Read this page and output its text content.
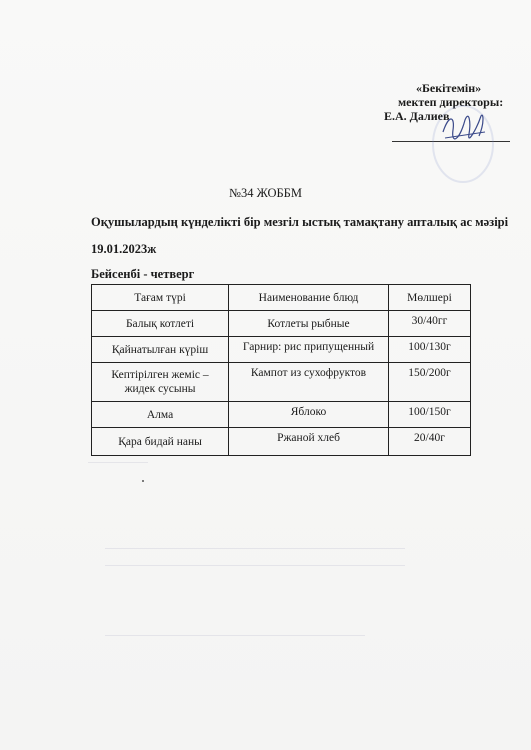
«Бекітемін»
мектеп директоры:
Е.А. Далиев
№34 ЖОББМ
Оқушылардың күнделікті бір мезгіл ыстық тамақтану апталық ас мәзірі
19.01.2023ж
Бейсенбі - четверг
Тағам түрі	Наименование блюд	Мөлшері
Балық котлеті	Котлеты рыбные	30/40гг
Қайнатылған күріш	Гарнир: рис припущенный	100/130г
Кептірілген жеміс – жидек сусыны	Кампот из сухофруктов	150/200г
Алма	Яблоко	100/150г
Қара бидай наны	Ржаной хлеб	20/40г
